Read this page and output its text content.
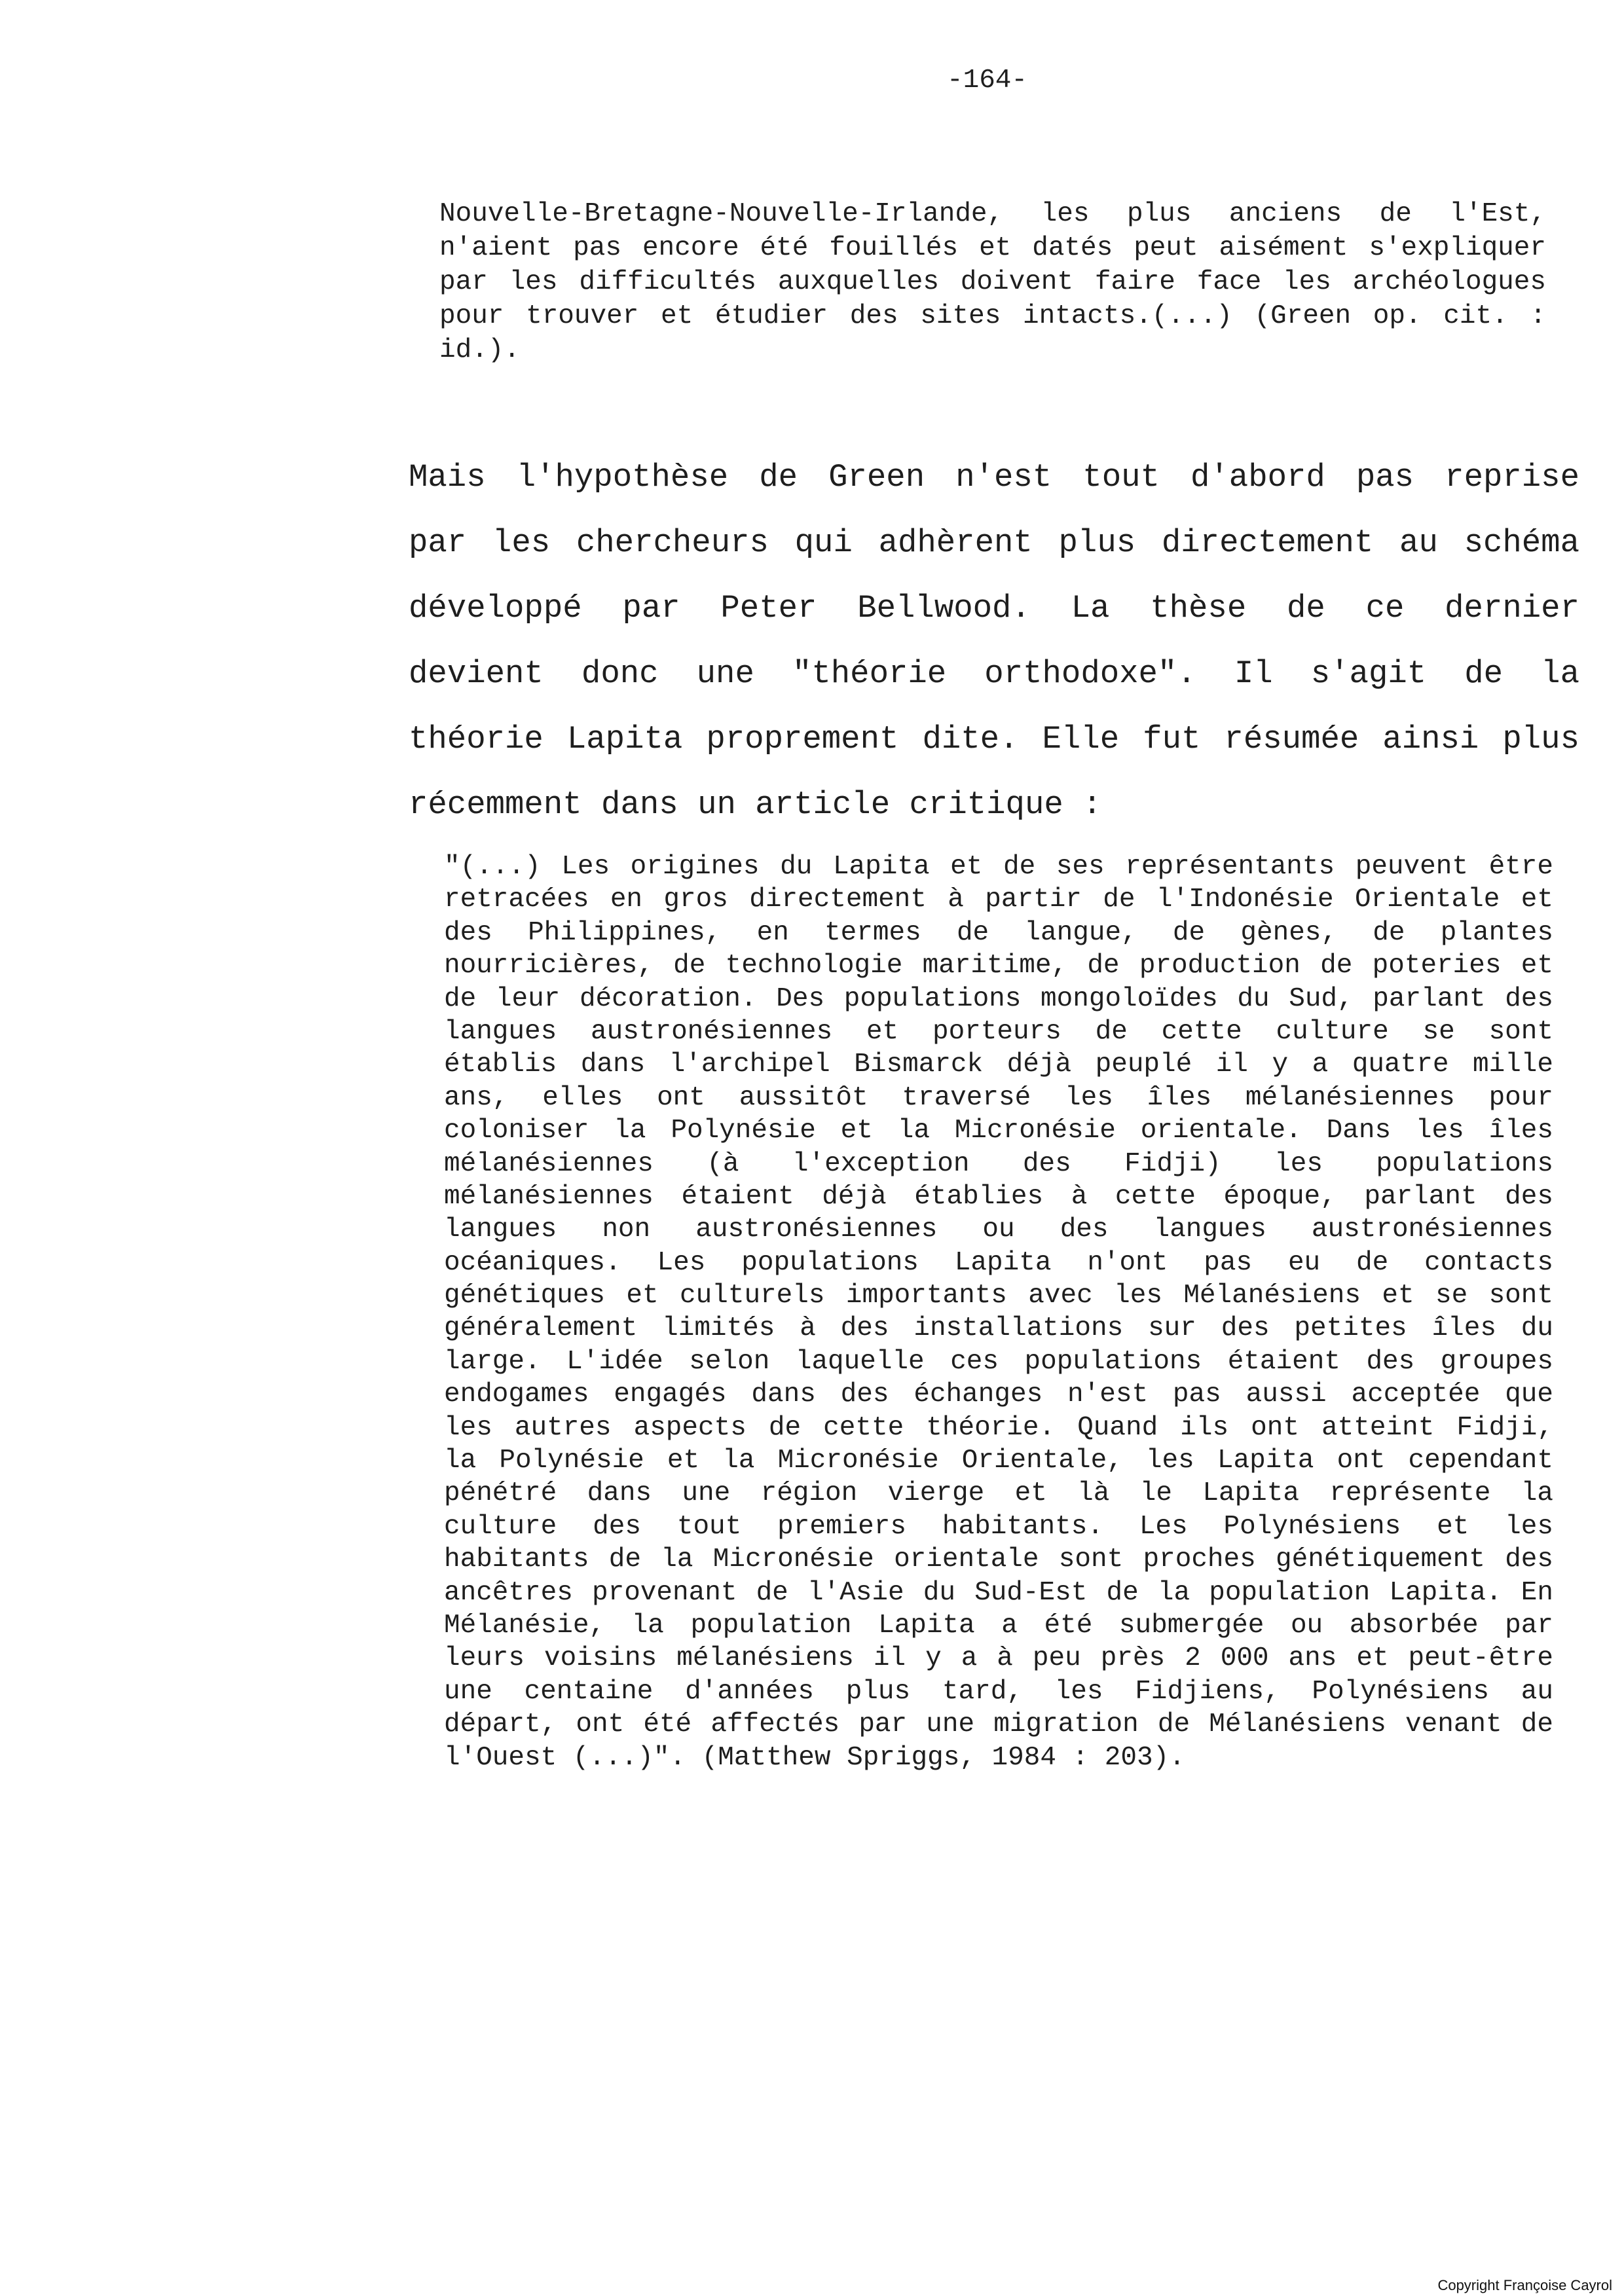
-164-
Nouvelle-Bretagne-Nouvelle-Irlande, les plus anciens de l'Est,
n'aient pas encore été fouillés et datés peut aisément s'expliquer
par les difficultés auxquelles doivent faire face les archéologues
pour trouver et étudier des sites intacts.(...) (Green op. cit. :
id.).
Mais l'hypothèse de Green n'est tout d'abord pas reprise
par les chercheurs qui adhèrent plus directement au schéma
développé par Peter Bellwood. La thèse de ce dernier
devient donc une "théorie orthodoxe". Il s'agit de la
théorie Lapita proprement dite. Elle fut résumée ainsi plus
récemment dans un article critique :
"(...) Les origines du Lapita et de ses représentants peuvent être
retracées en gros directement à partir de l'Indonésie Orientale et
des Philippines, en termes de langue, de gènes, de plantes
nourricières, de technologie maritime, de production de poteries et
de leur décoration. Des populations mongoloïdes du Sud, parlant des
langues austronésiennes et porteurs de cette culture se sont
établis dans l'archipel Bismarck déjà peuplé il y a quatre mille
ans, elles ont aussitôt traversé les îles mélanésiennes pour
coloniser la Polynésie et la Micronésie orientale. Dans les îles
mélanésiennes (à l'exception des Fidji) les populations
mélanésiennes étaient déjà établies à cette époque, parlant des
langues non austronésiennes ou des langues austronésiennes
océaniques. Les populations Lapita n'ont pas eu de contacts
génétiques et culturels importants avec les Mélanésiens et se sont
généralement limités à des installations sur des petites îles du
large. L'idée selon laquelle ces populations étaient des groupes
endogames engagés dans des échanges n'est pas aussi acceptée que
les autres aspects de cette théorie. Quand ils ont atteint Fidji,
la Polynésie et la Micronésie Orientale, les Lapita ont cependant
pénétré dans une région vierge et là le Lapita représente la
culture des tout premiers habitants. Les Polynésiens et les
habitants de la Micronésie orientale sont proches génétiquement des
ancêtres provenant de l'Asie du Sud-Est de la population Lapita. En
Mélanésie, la population Lapita a été submergée ou absorbée par
leurs voisins mélanésiens il y a à peu près 2 000 ans et peut-être
une centaine d'années plus tard, les Fidjiens, Polynésiens au
départ, ont été affectés par une migration de Mélanésiens venant de
l'Ouest (...)". (Matthew Spriggs, 1984 : 203).
Copyright Françoise Cayrol
